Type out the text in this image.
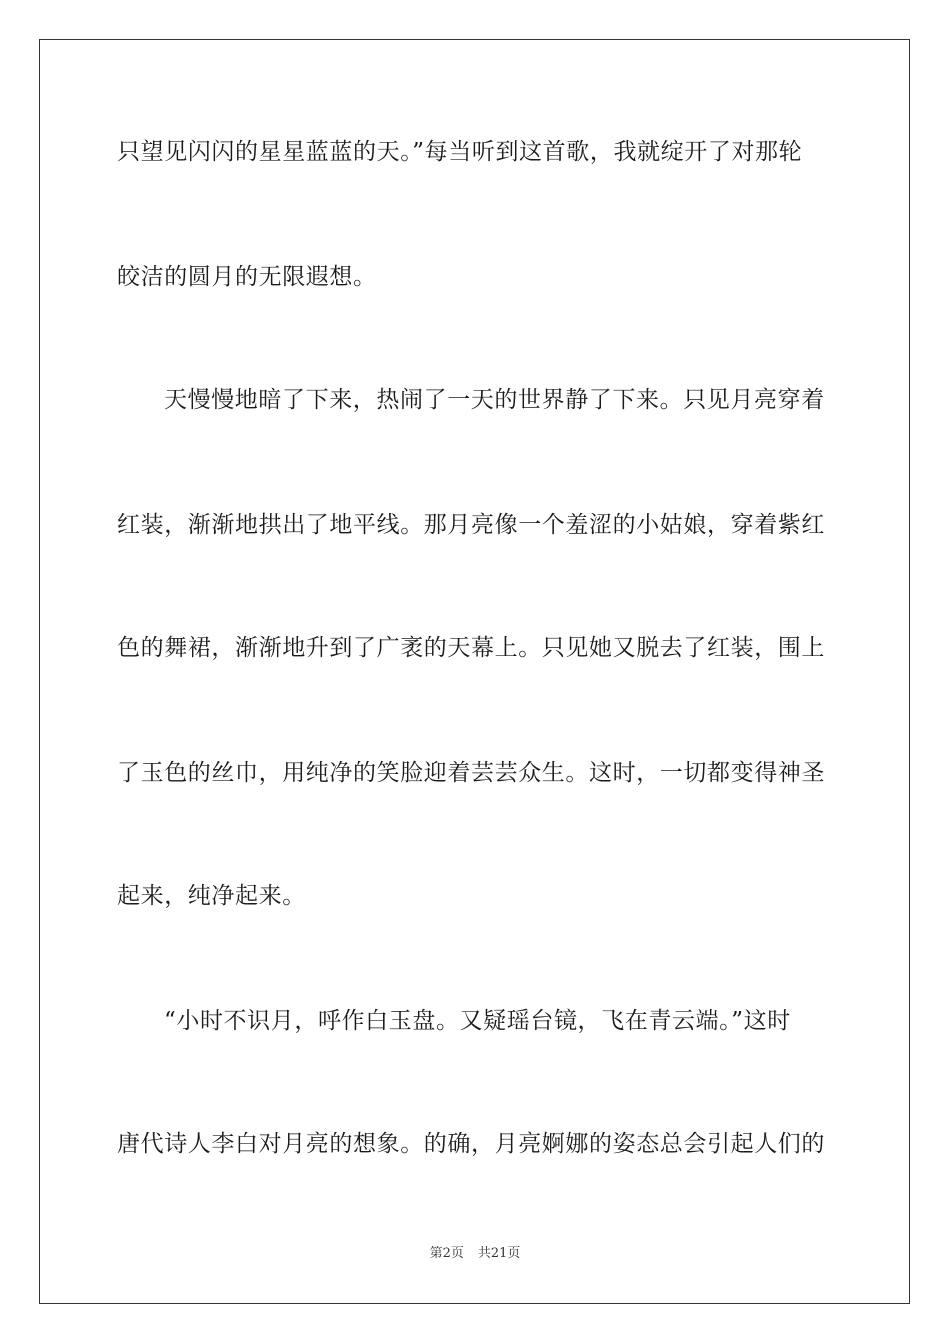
只望见闪闪的星星蓝蓝的天。”每当听到这首歌，我就绽开了对那轮
皎洁的圆月的无限遐想。
天慢慢地暗了下来，热闹了一天的世界静了下来。只见月亮穿着
红装，渐渐地拱出了地平线。那月亮像一个羞涩的小姑娘，穿着紫红
色的舞裙，渐渐地升到了广袤的天幕上。只见她又脱去了红装，围上
了玉色的丝巾，用纯净的笑脸迎着芸芸众生。这时，一切都变得神圣
起来，纯净起来。
“小时不识月，呼作白玉盘。又疑瑶台镜，飞在青云端。”这时
唐代诗人李白对月亮的想象。的确，月亮婀娜的姿态总会引起人们的
第2页 共21页
